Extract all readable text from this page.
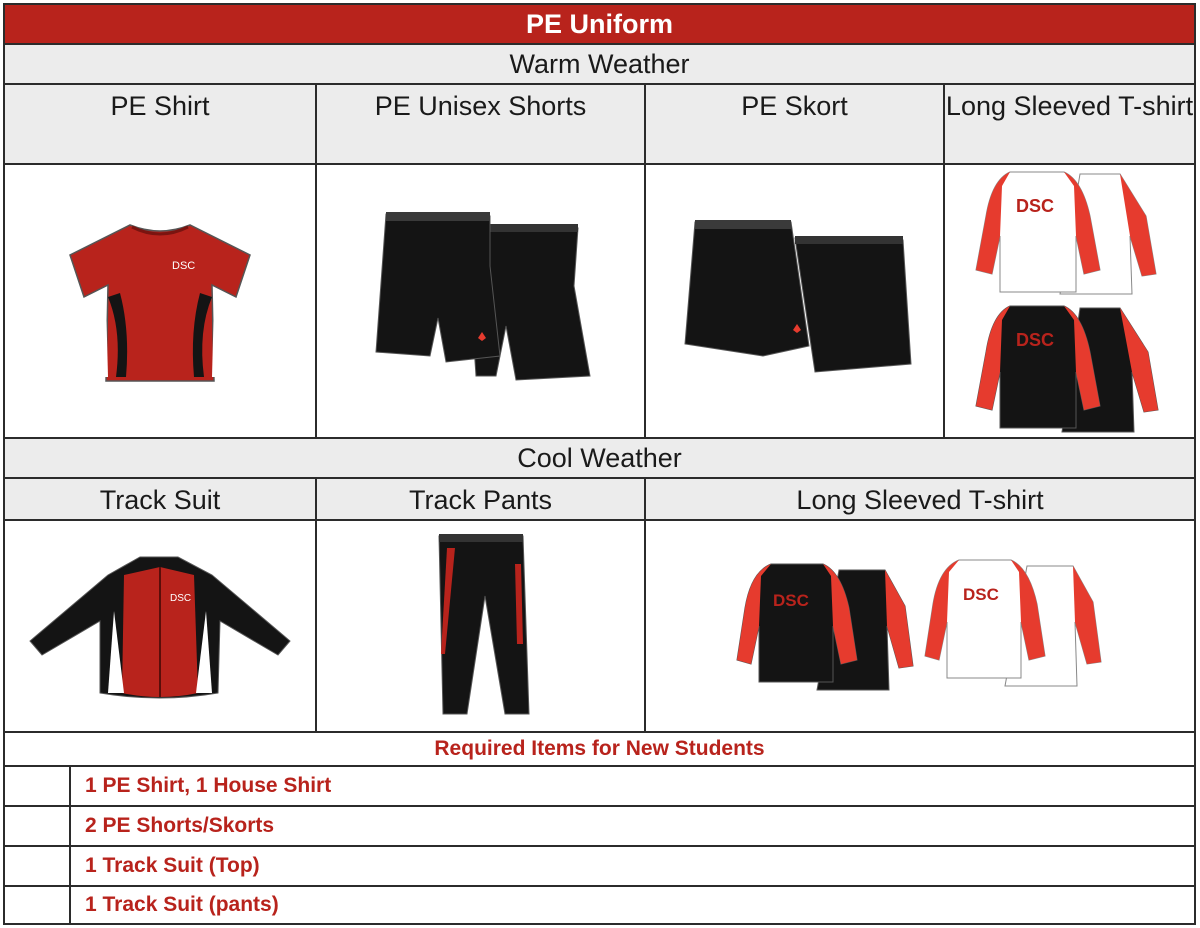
PE Uniform
Warm Weather
PE Shirt	PE Unisex Shorts	PE Skort	Long Sleeved T-shirt
DSC
DSC
DSC
Cool Weather
Track Suit	Track Pants	Long Sleeved T-shirt
DSC	DSC	DSC
Required Items for New Students
1 PE Shirt, 1 House Shirt
2 PE Shorts/Skorts
1 Track Suit (Top)
1 Track Suit (pants)
